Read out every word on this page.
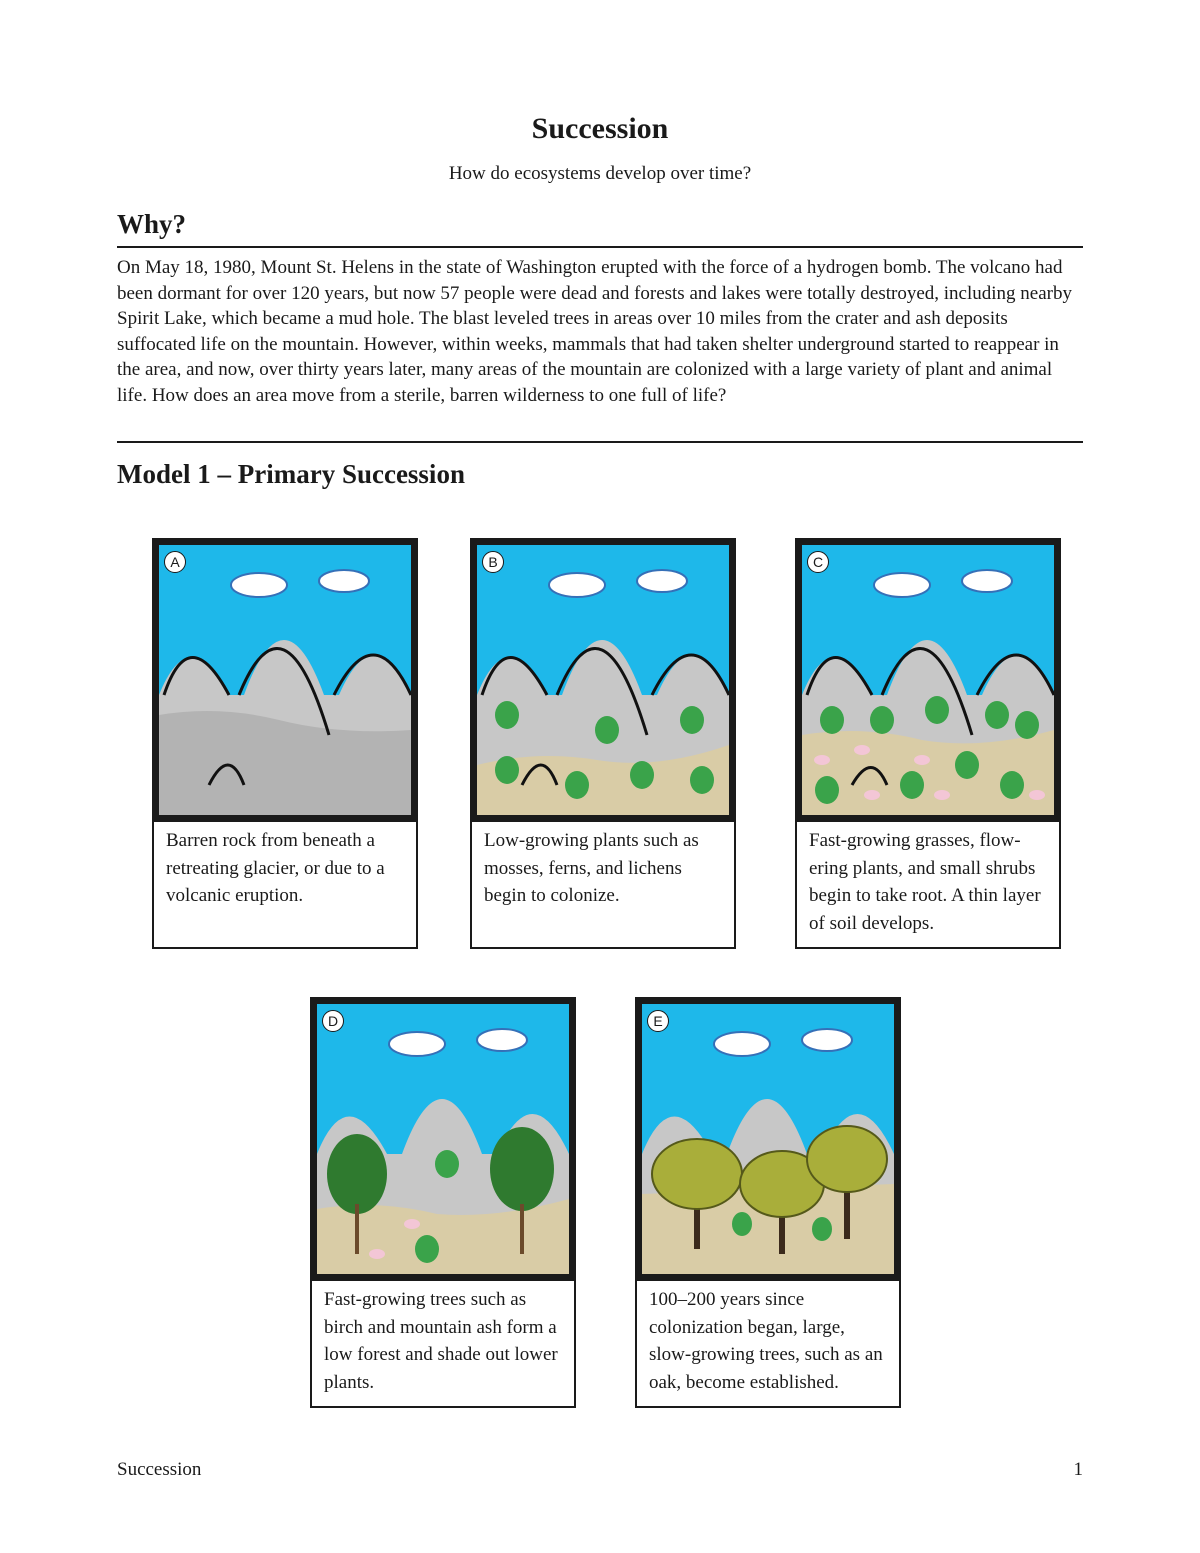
Succession
How do ecosystems develop over time?
Why?

On May 18, 1980, Mount St. Helens in the state of Washington erupted with the force of a hydrogen bomb. The volcano had been dormant for over 120 years, but now 57 people were dead and forests and lakes were totally destroyed, including nearby Spirit Lake, which became a mud hole. The blast leveled trees in areas over 10 miles from the crater and ash deposits suffocated life on the mountain. However, within weeks, mammals that had taken shelter underground started to reappear in the area, and now, over thirty years later, many areas of the mountain are colonized with a large variety of plant and animal life. How does an area move from a sterile, barren wilderness to one full of life?

Model 1 – Primary Succession
A

Barren rock from beneath a retreating glacier, or due to a volcanic eruption.

B

Low-growing plants such as mosses, ferns, and lichens begin to colonize.

C

Fast-growing grasses, flow-ering plants, and small shrubs begin to take root. A thin layer of soil develops.

D

Fast-growing trees such as birch and mountain ash form a low forest and shade out lower plants.

E

100–200 years since colonization began, large, slow-growing trees, such as an oak, become established.

Succession	1
